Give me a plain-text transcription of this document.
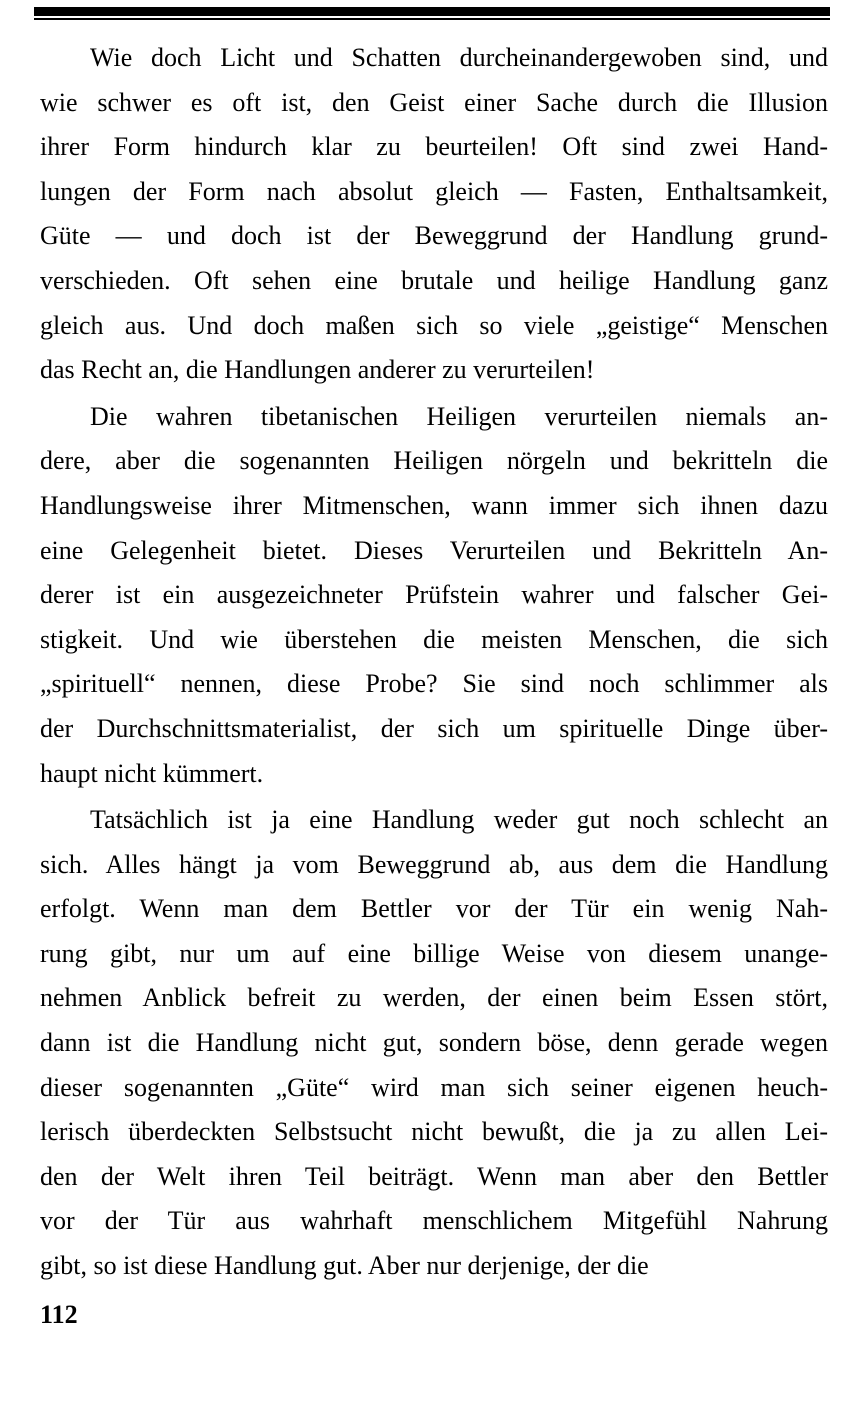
Wie doch Licht und Schatten durcheinandergewoben sind, und
wie schwer es oft ist, den Geist einer Sache durch die Illusion
ihrer Form hindurch klar zu beurteilen! Oft sind zwei Hand-
lungen der Form nach absolut gleich — Fasten, Enthaltsamkeit,
Güte — und doch ist der Beweggrund der Handlung grund-
verschieden. Oft sehen eine brutale und heilige Handlung ganz
gleich aus. Und doch maßen sich so viele „geistige“ Menschen
das Recht an, die Handlungen anderer zu verurteilen!
Die wahren tibetanischen Heiligen verurteilen niemals an-
dere, aber die sogenannten Heiligen nörgeln und bekritteln die
Handlungsweise ihrer Mitmenschen, wann immer sich ihnen dazu
eine Gelegenheit bietet. Dieses Verurteilen und Bekritteln An-
derer ist ein ausgezeichneter Prüfstein wahrer und falscher Gei-
stigkeit. Und wie überstehen die meisten Menschen, die sich
„spirituell“ nennen, diese Probe? Sie sind noch schlimmer als
der Durchschnittsmaterialist, der sich um spirituelle Dinge über-
haupt nicht kümmert.
Tatsächlich ist ja eine Handlung weder gut noch schlecht an
sich. Alles hängt ja vom Beweggrund ab, aus dem die Handlung
erfolgt. Wenn man dem Bettler vor der Tür ein wenig Nah-
rung gibt, nur um auf eine billige Weise von diesem unange-
nehmen Anblick befreit zu werden, der einen beim Essen stört,
dann ist die Handlung nicht gut, sondern böse, denn gerade wegen
dieser sogenannten „Güte“ wird man sich seiner eigenen heuch-
lerisch überdeckten Selbstsucht nicht bewußt, die ja zu allen Lei-
den der Welt ihren Teil beiträgt. Wenn man aber den Bettler
vor der Tür aus wahrhaft menschlichem Mitgefühl Nahrung
gibt, so ist diese Handlung gut. Aber nur derjenige, der die
112
